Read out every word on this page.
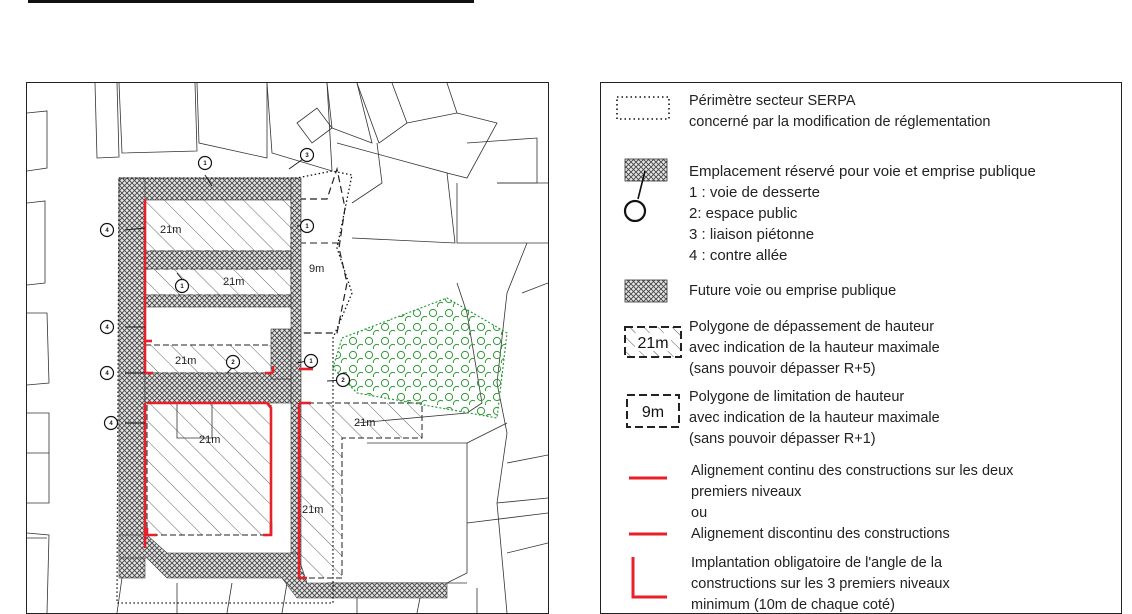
1
3
1
1
1
4
4
4
4
2
2
21m
21m
21m
21m
21m
21m
9m
Périmètre secteur SERPA
concerné par la modification de réglementation
Emplacement réservé pour voie et emprise publique
1 : voie de desserte
2: espace public
3 : liaison piétonne
4 : contre allée
Future voie ou emprise publique
21m
Polygone de dépassement de hauteur
avec indication de la hauteur maximale
(sans pouvoir dépasser R+5)
9m
Polygone de limitation de hauteur
avec indication de la hauteur maximale
(sans pouvoir dépasser R+1)
Alignement continu des constructions sur les deux
premiers niveaux
ou
Alignement discontinu des constructions
Implantation obligatoire de l'angle de la
constructions sur les 3 premiers niveaux
minimum (10m de chaque coté)
